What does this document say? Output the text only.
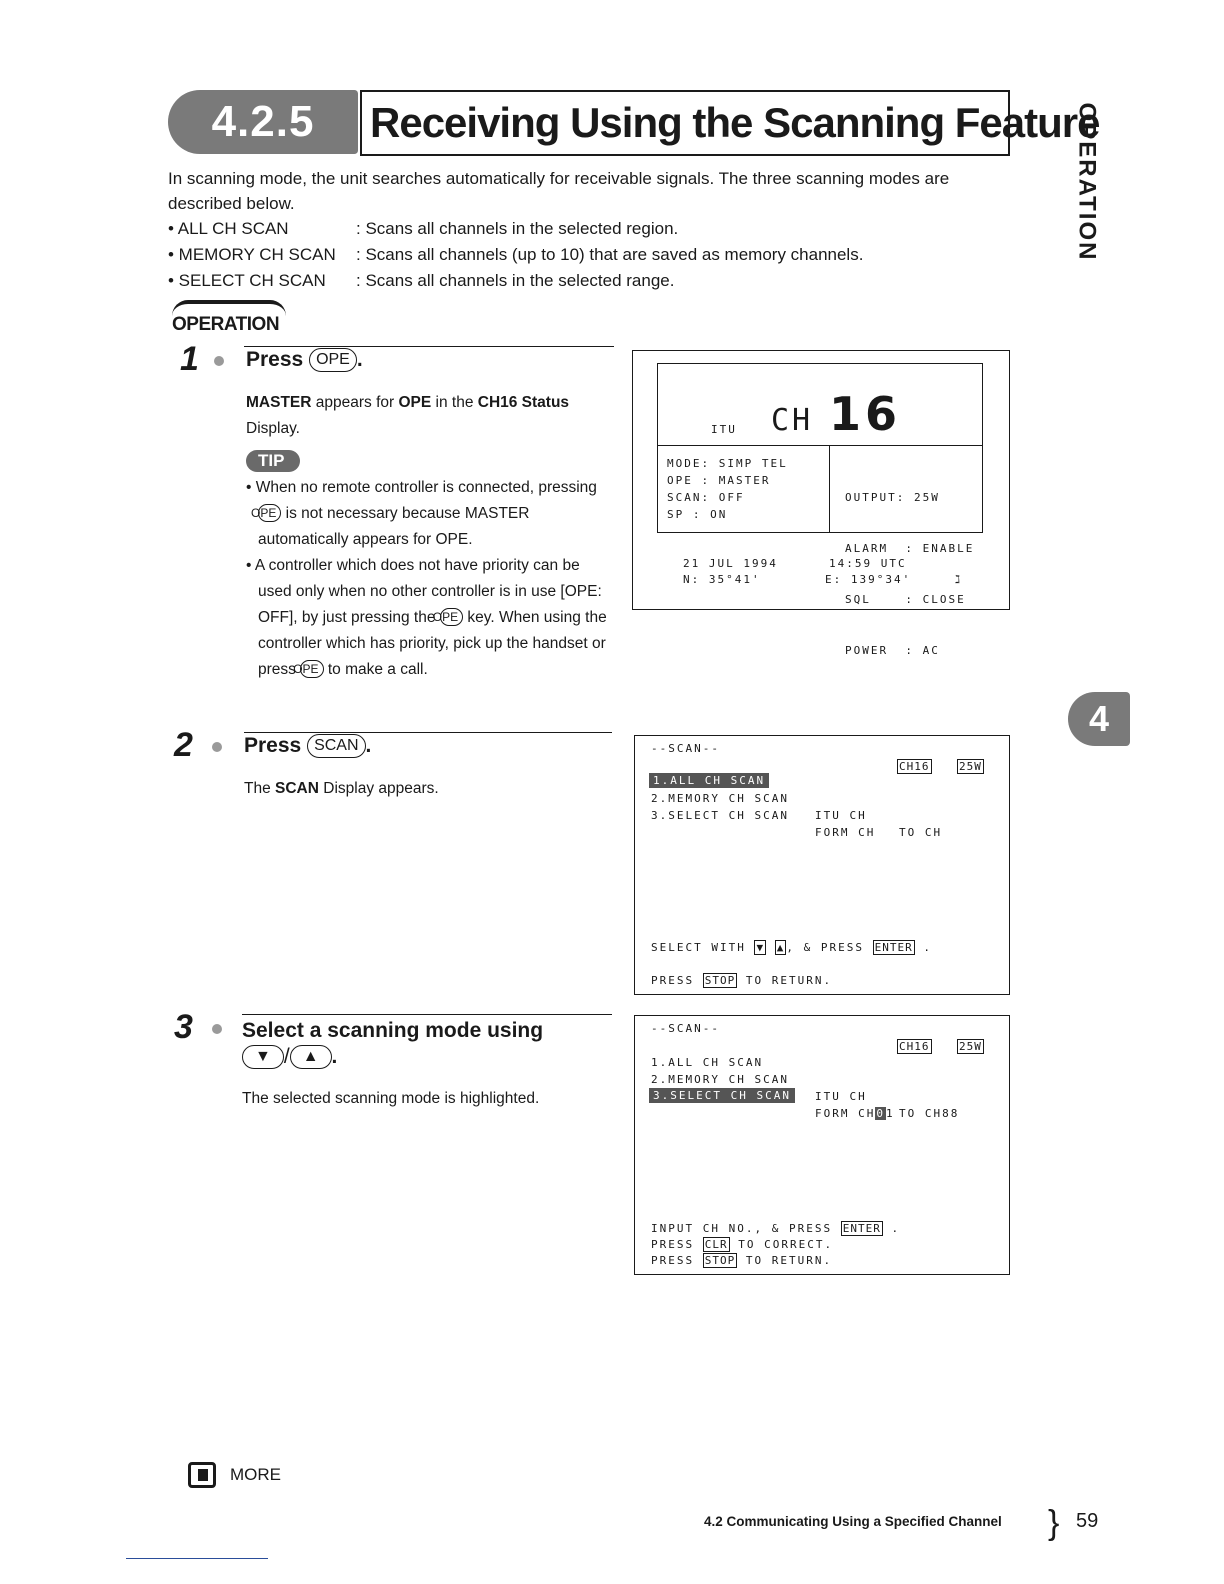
4.2.5	Receiving Using the Scanning Feature
OPERATION
4

In scanning mode, the unit searches automatically for receivable signals. The three scanning modes are described below.

• ALL CH SCAN	: Scans all channels in the selected region.
• MEMORY CH SCAN	: Scans all channels (up to 10) that are saved as memory channels.
• SELECT CH SCAN	: Scans all channels in the selected range.
OPERATION
1 Press OPE .
MASTER appears for OPE in the CH16 Status Display.
TIP
• When no remote controller is connected, pressing OPE is not necessary because MASTER automatically appears for OPE.
• A controller which does not have priority can be used only when no other controller is in use [OPE: OFF], by just pressing the OPE key. When using the controller which has priority, pick up the handset or press OPE to make a call.
ITU CH 16
MODE: SIMP TEL
OPE : MASTER
SCAN: OFF
SP : ON

OUTPUT: 25W

ALARM  : ENABLE

SQL    : CLOSE

POWER  : AC

21 JUL 1994	14:59 UTC
N: 35°41'	E: 139°34'	ℷ
2 Press SCAN .
The SCAN Display appears.
--SCAN--
CH16	25W
1.ALL CH SCAN
2.MEMORY CH SCAN
3.SELECT CH SCAN ITU CH
FORM CH TO CH
SELECT WITH ▼ ▲ , & PRESS ENTER .
PRESS STOP TO RETURN.
3 Select a scanning mode using
▼ / ▲ .
The selected scanning mode is highlighted.
--SCAN--
CH16	25W
1.ALL CH SCAN
2.MEMORY CH SCAN
3.SELECT CH SCAN	ITU CH
FORM CH01 TO CH88
INPUT CH NO., & PRESS ENTER .
PRESS CLR TO CORRECT.
PRESS STOP TO RETURN.
MORE
4.2 Communicating Using a Specified Channel } 59
